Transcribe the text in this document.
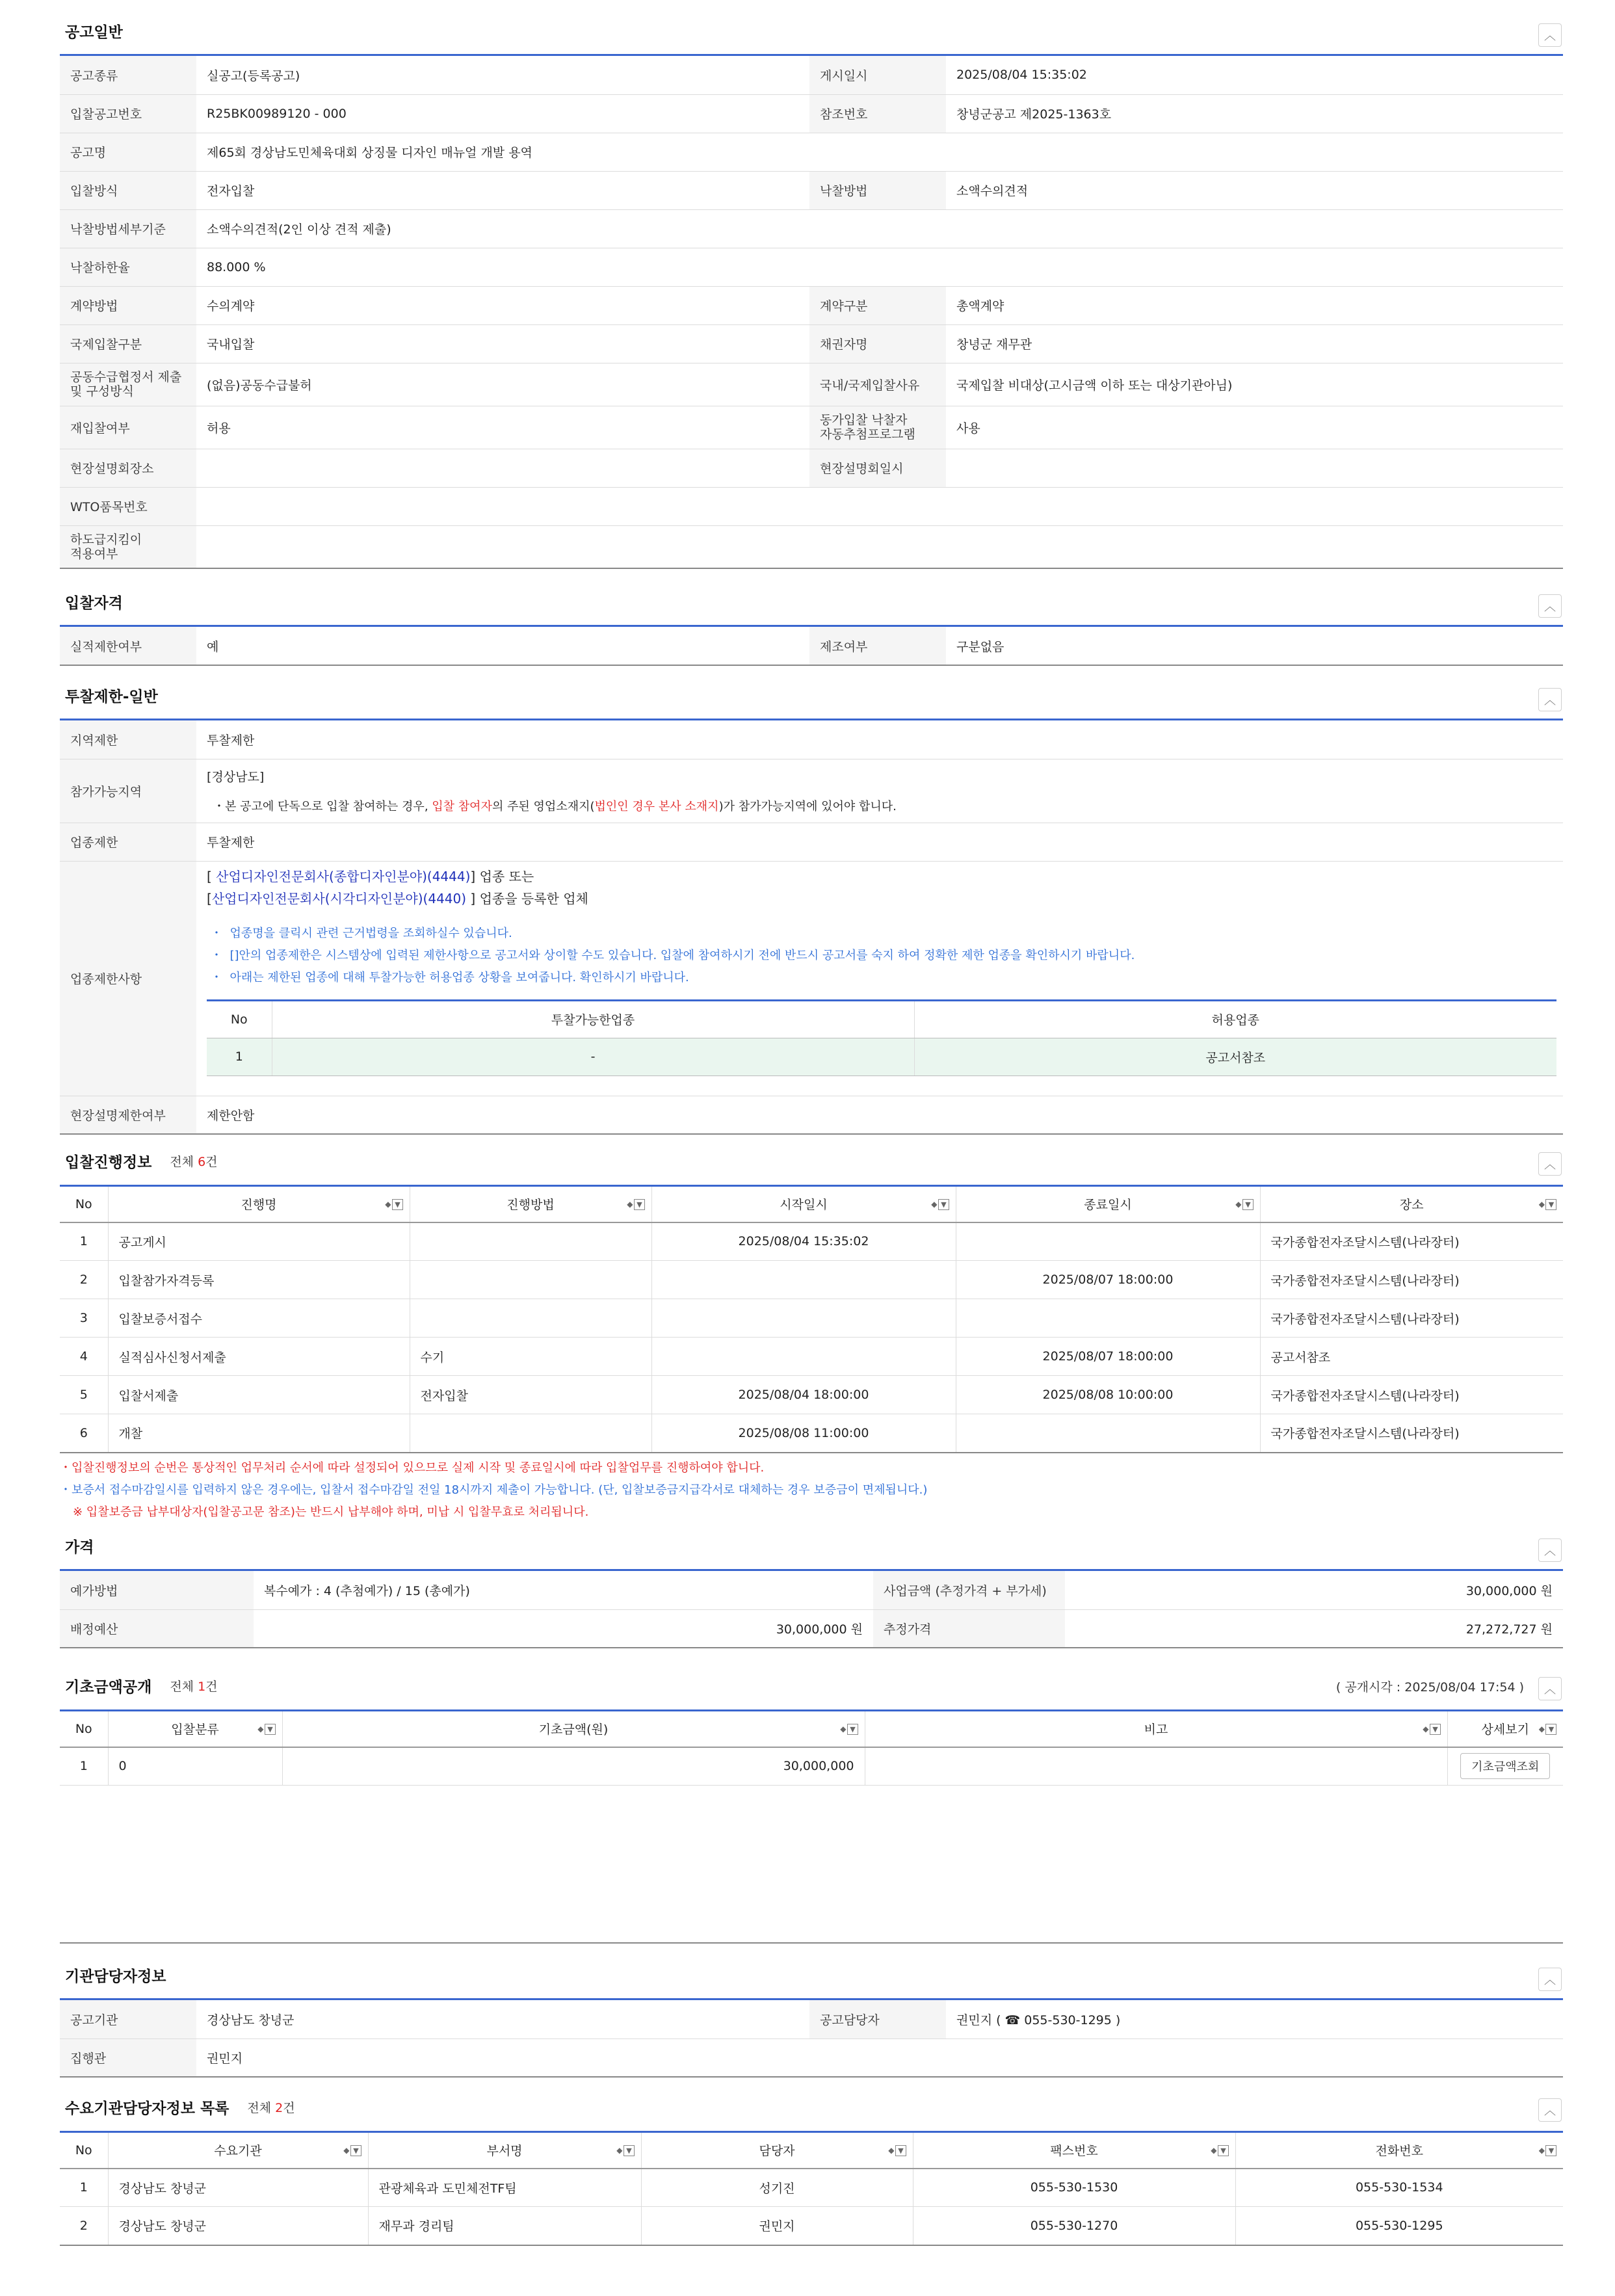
공고일반	︿
공고종류	실공고(등록공고)	게시일시	2025/08/04 15:35:02
입찰공고번호	R25BK00989120 - 000	참조번호	창녕군공고 제2025-1363호
공고명	제65회 경상남도민체육대회 상징물 디자인 매뉴얼 개발 용역		
입찰방식	전자입찰	낙찰방법	소액수의견적
낙찰방법세부기준	소액수의견적(2인 이상 견적 제출)		
낙찰하한율	88.000 %		
계약방법	수의계약	계약구분	총액계약
국제입찰구분	국내입찰	채권자명	창녕군 재무관
공동수급협정서 제출 및 구성방식	(없음)공동수급불허	국내/국제입찰사유	국제입찰 비대상(고시금액 이하 또는 대상기관아님)
재입찰여부	허용	동가입찰 낙찰자 자동추첨프로그램	사용
현장설명회장소		현장설명회일시	
WTO품목번호			
하도급지킴이 적용여부			
입찰자격	︿
실적제한여부	예	제조여부	구분없음
투찰제한-일반	︿
지역제한	투찰제한
참가가능지역	
[경상남도]
・본 공고에 단독으로 입찰 참여하는 경우, 입찰 참여자의 주된 영업소재지(법인인 경우 본사 소재지)가 참가가능지역에 있어야 합니다.

업종제한	투찰제한
업종제한사항	
[ 산업디자인전문회사(종합디자인분야)(4444)] 업종 또는
[산업디자인전문회사(시각디자인분야)(4440) ] 업종을 등록한 업체
・  업종명을 클릭시 관련 근거법령을 조회하실수 있습니다.
・  []안의 업종제한은 시스템상에 입력된 제한사항으로 공고서와 상이할 수도 있습니다. 입찰에 참여하시기 전에 반드시 공고서를 숙지 하여 정확한 제한 업종을 확인하시기 바랍니다.
・  아래는 제한된 업종에 대해 투찰가능한 허용업종 상황을 보여줍니다. 확인하시기 바랍니다.
No	투찰가능한업종	허용업종
1	-	공고서참조

현장설명제한여부	제한안함
입찰진행정보 전체 6건	︿
No	진행명 ◆ ▼	진행방법 ◆ ▼	시작일시 ◆ ▼	종료일시 ◆ ▼	장소 ◆ ▼

1	공고게시		2025/08/04 15:35:02		국가종합전자조달시스템(나라장터)
2	입찰참가자격등록			2025/08/07 18:00:00	국가종합전자조달시스템(나라장터)
3	입찰보증서접수				국가종합전자조달시스템(나라장터)
4	실적심사신청서제출	수기		2025/08/07 18:00:00	공고서참조
5	입찰서제출	전자입찰	2025/08/04 18:00:00	2025/08/08 10:00:00	국가종합전자조달시스템(나라장터)
6	개찰		2025/08/08 11:00:00		국가종합전자조달시스템(나라장터)
・입찰진행정보의 순번은 통상적인 업무처리 순서에 따라 설정되어 있으므로 실제 시작 및 종료일시에 따라 입찰업무를 진행하여야 합니다.
・보증서 접수마감일시를 입력하지 않은 경우에는, 입찰서 접수마감일 전일 18시까지 제출이 가능합니다. (단, 입찰보증금지급각서로 대체하는 경우 보증금이 면제됩니다.)
※ 입찰보증금 납부대상자(입찰공고문 참조)는 반드시 납부해야 하며, 미납 시 입찰무효로 처리됩니다.
가격	︿
예가방법	복수예가 : 4 (추첨예가) / 15 (총예가)	사업금액 (추정가격 + 부가세)	30,000,000 원
배정예산	30,000,000 원	추정가격	27,272,727 원
기초금액공개 전체 1건	( 공개시각 : 2025/08/04 17:54 )	︿
No	입찰분류 ◆ ▼	기초금액(원) ◆ ▼	비고 ◆ ▼	상세보기 ◆ ▼

1	0	30,000,000		기초금액조회
기관담당자정보	︿
공고기관	경상남도 창녕군	공고담당자	권민지 ( ☎ 055-530-1295 )
집행관	권민지		
수요기관담당자정보 목록 전체 2건	︿
No	수요기관 ◆ ▼	부서명 ◆ ▼	담당자 ◆ ▼	팩스번호 ◆ ▼	전화번호 ◆ ▼

1	경상남도 창녕군	관광체육과 도민체전TF팀	성기진	055-530-1530	055-530-1534
2	경상남도 창녕군	재무과 경리팀	권민지	055-530-1270	055-530-1295
